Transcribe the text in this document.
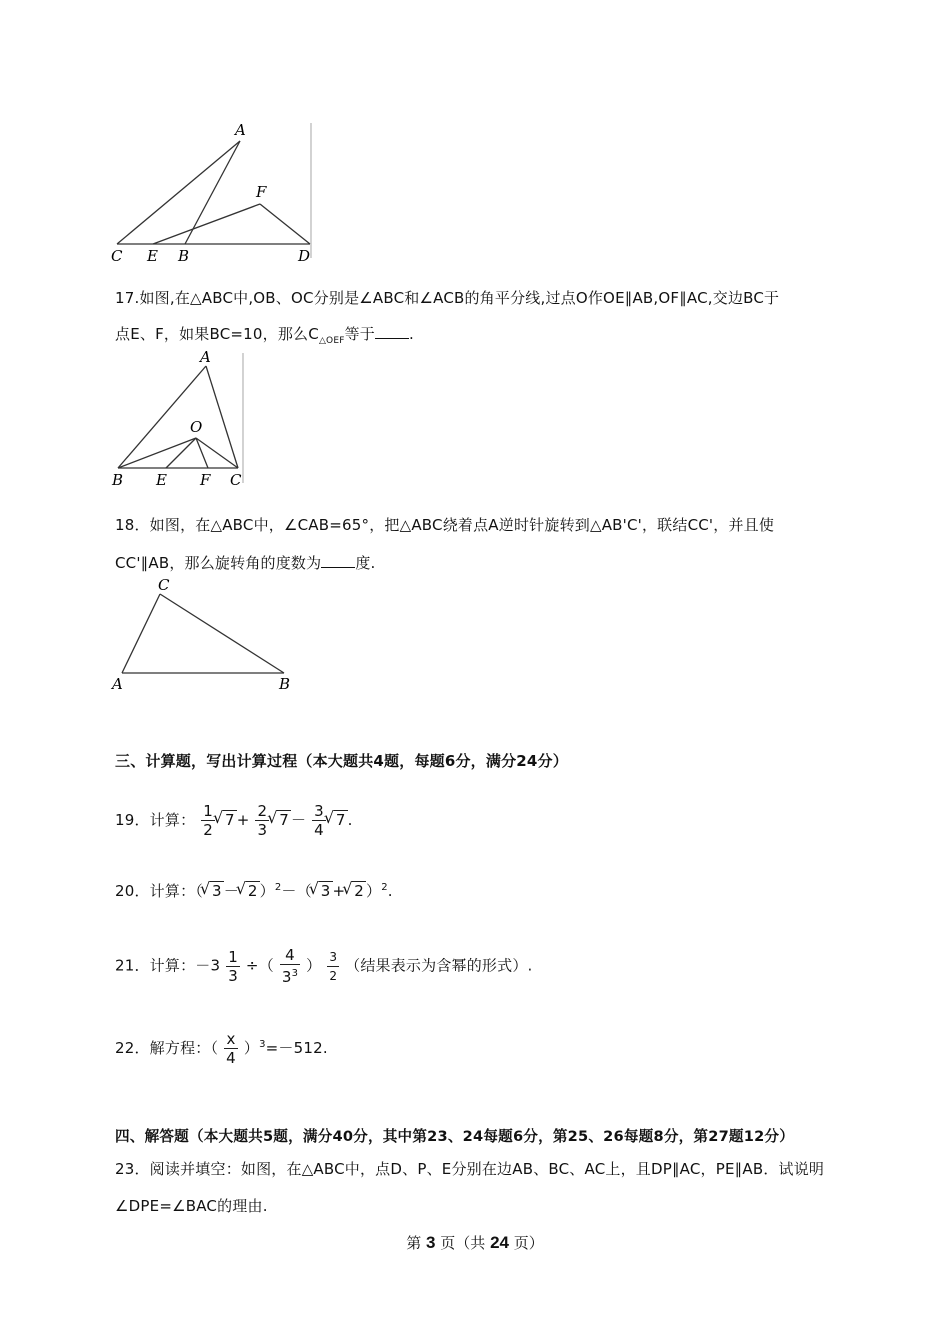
A
F
C E B	D
17.如图,在△ABC中,OB、OC分别是∠ABC和∠ACB的角平分线,过点O作OE∥AB,OF∥AC,交边BC于
点E、F，如果BC=10，那么$C_{\triangle OEF}$等于 .
A
O
B E F C
18．如图，在△ABC中，∠CAB=65°，把△ABC绕着点A逆时针旋转到△AB'C'，联结CC'，并且使
CC'∥AB，那么旋转角的度数为 度.
C
A	B
三、计算题，写出计算过程（本大题共4题，每题6分，满分24分）
19．计算： $\frac{1}{2}$ √ $7 + \frac{2}{3}$ √ $7 - \frac{3}{4}$ √ 7 .
20．计算：（ √ 3 － √ 2 ）$^2$－（ √ 3 + √ 2 ）$^2$.
21．计算：$-3 \frac{1}{3}$ ÷（ $\frac{4}{3^3}$ ） $\frac{3}{2}$ （结果表示为含幂的形式）.
22．解方程：（ $\frac{x}{4} )^3=-512$.
四、解答题（本大题共5题，满分40分，其中第23、24每题6分，第25、26每题8分，第27题12分）
23．阅读并填空：如图，在△ABC中，点D、P、E分别在边AB、BC、AC上，且DP∥AC，PE∥AB．试说明
∠DPE=∠BAC的理由.
第 3 页（共 24 页）
